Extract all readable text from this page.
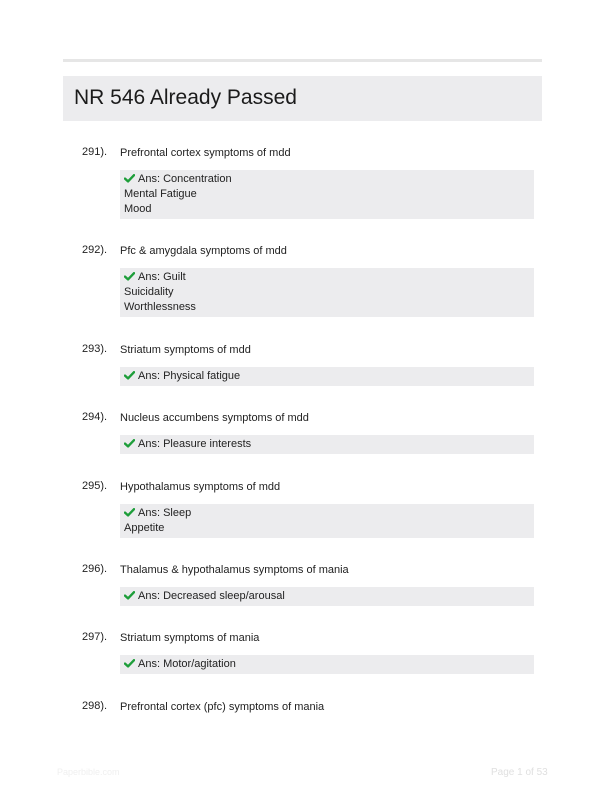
NR 546 Already Passed
291). Prefrontal cortex symptoms of mdd
Ans: Concentration
Mental Fatigue
Mood
292). Pfc & amygdala symptoms of mdd
Ans: Guilt
Suicidality
Worthlessness
293). Striatum symptoms of mdd
Ans: Physical fatigue
294). Nucleus accumbens symptoms of mdd
Ans: Pleasure interests
295). Hypothalamus symptoms of mdd
Ans: Sleep
Appetite
296). Thalamus & hypothalamus symptoms of mania
Ans: Decreased sleep/arousal
297). Striatum symptoms of mania
Ans: Motor/agitation
298). Prefrontal cortex (pfc) symptoms of mania
Paperbible.com	Page 1 of 53
